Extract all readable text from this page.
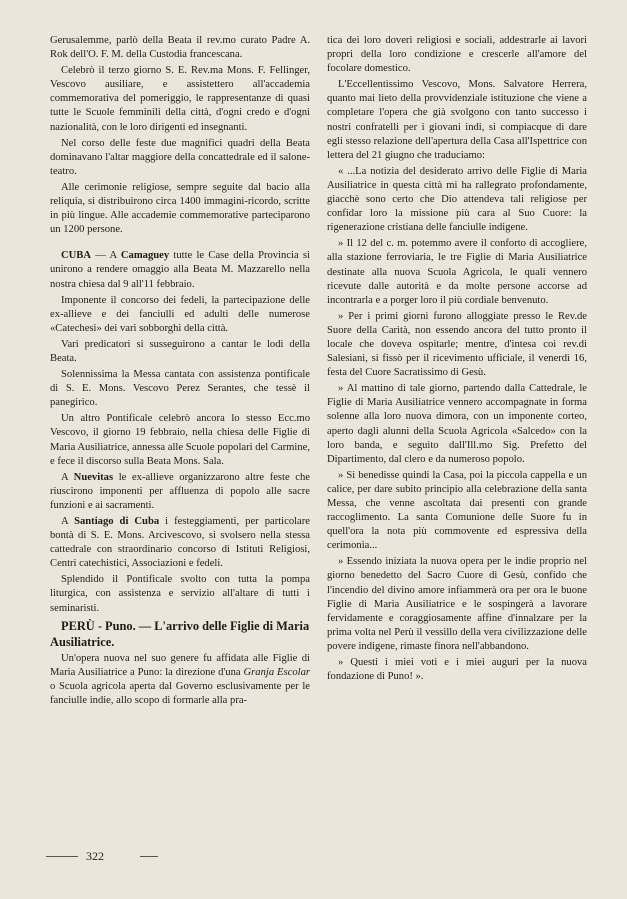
Gerusalemme, parlò della Beata il rev.mo curato Padre A. Rok dell'O. F. M. della Custodia francescana.

Celebrò il terzo giorno S. E. Rev.ma Mons. F. Fellinger, Vescovo ausiliare, e assistettero all'accademia commemorativa del pomeriggio, le rappresentanze di quasi tutte le Scuole femminili della città, d'ogni credo e d'ogni nazionalità, con le loro dirigenti ed insegnanti.

Nel corso delle feste due magnifici quadri della Beata dominavano l'altar maggiore della concattedrale ed il salone-teatro.

Alle cerimonie religiose, sempre seguite dal bacio alla reliquia, si distribuirono circa 1400 immagini-ricordo, scritte in più lingue. Alle accademie commemorative parteciparono un 1200 persone.

CUBA — A Camaguey tutte le Case della Provincia si unirono a rendere omaggio alla Beata M. Mazzarello nella nostra chiesa dal 9 all'11 febbraio.

Imponente il concorso dei fedeli, la partecipazione delle ex-allieve e dei fanciulli ed adulti delle numerose «Catechesi» dei vari sobborghi della città.

Vari predicatori si susseguirono a cantar le lodi della Beata.

Solennissima la Messa cantata con assistenza pontificale di S. E. Mons. Vescovo Perez Serantes, che tessè il panegirico.

Un altro Pontificale celebrò ancora lo stesso Ecc.mo Vescovo, il giorno 19 febbraio, nella chiesa delle Figlie di Maria Ausiliatrice, annessa alle Scuole popolari del Carmine, e fece il discorso sulla Beata Mons. Sala.

A Nuevitas le ex-allieve organizzarono altre feste che riuscirono imponenti per affluenza di popolo alle sacre funzioni e ai sacramenti.

A Santiago di Cuba i festeggiamenti, per particolare bontà di S. E. Mons. Arcivescovo, si svolsero nella stessa cattedrale con straordinario concorso di Istituti Religiosi, Centri catechistici, Associazioni e fedeli.

Splendido il Pontificale svolto con tutta la pompa liturgica, con assistenza e servizio all'altare di tutti i seminaristi.

PERÙ - Puno. — L'arrivo delle Figlie di Maria Ausiliatrice.

Un'opera nuova nel suo genere fu affidata alle Figlie di Maria Ausiliatrice a Puno: la direzione d'una Granja Escolar o Scuola agricola aperta dal Governo esclusivamente per le fanciulle indie, allo scopo di formarle alla pra-

tica dei loro doveri religiosi e sociali, addestrarle ai lavori propri della loro condizione e crescerle all'amore del focolare domestico.

L'Eccellentissimo Vescovo, Mons. Salvatore Herrera, quanto mai lieto della provvidenziale istituzione che viene a completare l'opera che già svolgono con tanto successo i nostri confratelli per i giovani indi, si compiacque di dare egli stesso relazione dell'apertura della Casa all'Ispettrice con lettera del 21 giugno che traduciamo:

« ...La notizia del desiderato arrivo delle Figlie di Maria Ausiliatrice in questa città mi ha rallegrato profondamente, giacchè sono certo che Dio attendeva tali religiose per confidar loro la missione più cara al Suo Cuore: la rigenerazione cristiana delle fanciulle indigene.

» Il 12 del c. m. potemmo avere il conforto di accogliere, alla stazione ferroviaria, le tre Figlie di Maria Ausiliatrice destinate alla nuova Scuola Agricola, le quali vennero ricevute dalle autorità e da molte persone accorse ad incontrarla e a porger loro il più cordiale benvenuto.

» Per i primi giorni furono alloggiate presso le Rev.de Suore della Carità, non essendo ancora del tutto pronto il locale che doveva ospitarle; mentre, d'intesa coi rev.di Salesiani, si fissò per il ricevimento ufficiale, il venerdì 16, festa del Cuore Sacratissimo di Gesù.

» Al mattino di tale giorno, partendo dalla Cattedrale, le Figlie di Maria Ausiliatrice vennero accompagnate in forma solenne alla loro nuova dimora, con un imponente corteo, aperto dagli alunni della Scuola Agricola «Salcedo» con la loro banda, e seguito dall'Ill.mo Sig. Prefetto del Dipartimento, dal clero e da numeroso popolo.

» Si benedisse quindi la Casa, poi la piccola cappella e un calice, per dare subito principio alla celebrazione della santa Messa, che venne ascoltata dai presenti con grande raccoglimento. La santa Comunione delle Suore fu in quell'ora la nota più commovente ed espressiva della cerimonia...

» Essendo iniziata la nuova opera per le indie proprio nel giorno benedetto del Sacro Cuore di Gesù, confido che l'incendio del divino amore infiammerà ora per ora le buone Figlie di Maria Ausiliatrice e le sospingerà a lavorare fervidamente e coraggiosamente affine d'innalzare per la prima volta nel Perù il vessillo della vera civilizzazione delle povere indigene, rimaste finora nell'abbandono.

» Questi i miei voti e i miei auguri per la nuova fondazione di Puno! ».

322
